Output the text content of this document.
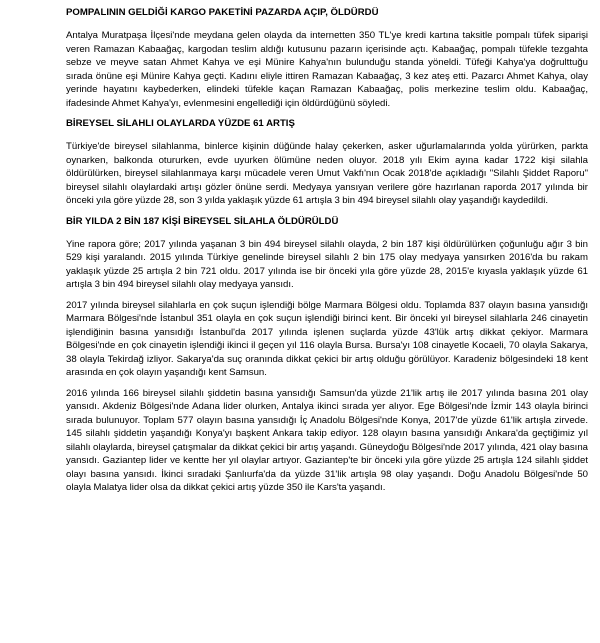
POMPALININ GELDİĞİ KARGO PAKETİNİ PAZARDA AÇIP, ÖLDÜRDÜ
Antalya Muratpaşa İlçesi'nde meydana gelen olayda da internetten 350 TL'ye kredi kartına taksitle pompalı tüfek siparişi veren Ramazan Kabaağaç, kargodan teslim aldığı kutusunu pazarın içerisinde açtı. Kabaağaç, pompalı tüfekle tezgahta sebze ve meyve satan Ahmet Kahya ve eşi Münire Kahya'nın bulunduğu standa yöneldi. Tüfeği Kahya'ya doğrulttuğu sırada önüne eşi Münire Kahya geçti. Kadını eliyle ittiren Ramazan Kabaağaç, 3 kez ateş etti. Pazarcı Ahmet Kahya, olay yerinde hayatını kaybederken, elindeki tüfekle kaçan Ramazan Kabaağaç, polis merkezine teslim oldu. Kabaağaç, ifadesinde Ahmet Kahya'yı, evlenmesini engellediği için öldürdüğünü söyledi.
BİREYSEL SİLAHLI OLAYLARDA YÜZDE 61 ARTIŞ
Türkiye'de bireysel silahlanma, binlerce kişinin düğünde halay çekerken, asker uğurlamalarında yolda yürürken, parkta oynarken, balkonda otururken, evde uyurken ölümüne neden oluyor. 2018 yılı Ekim ayına kadar 1722 kişi silahla öldürülürken, bireysel silahlanmaya karşı mücadele veren Umut Vakfı'nın Ocak 2018'de açıkladığı "Silahlı Şiddet Raporu" bireysel silahlı olaylardaki artışı gözler önüne serdi. Medyaya yansıyan verilere göre hazırlanan raporda 2017 yılında bir önceki yıla göre yüzde 28, son 3 yılda yaklaşık yüzde 61 artışla 3 bin 494 bireysel silahlı olay yaşandığı kaydedildi.
BİR YILDA 2 BİN 187 KİŞİ BİREYSEL SİLAHLA ÖLDÜRÜLDÜ
Yine rapora göre; 2017 yılında yaşanan 3 bin 494 bireysel silahlı olayda, 2 bin 187 kişi öldürülürken çoğunluğu ağır 3 bin 529 kişi yaralandı. 2015 yılında Türkiye genelinde bireysel silahlı 2 bin 175 olay medyaya yansırken 2016'da bu rakam yaklaşık yüzde 25 artışla 2 bin 721 oldu. 2017 yılında ise bir önceki yıla göre yüzde 28, 2015'e kıyasla yaklaşık yüzde 61 artışla 3 bin 494 bireysel silahlı olay medyaya yansıdı.
2017 yılında bireysel silahlarla en çok suçun işlendiği bölge Marmara Bölgesi oldu. Toplamda 837 olayın basına yansıdığı Marmara Bölgesi'nde İstanbul 351 olayla en çok suçun işlendiği birinci kent. Bir önceki yıl bireysel silahlarla 246 cinayetin işlendiğinin basına yansıdığı İstanbul'da 2017 yılında işlenen suçlarda yüzde 43'lük artış dikkat çekiyor. Marmara Bölgesi'nde en çok cinayetin işlendiği ikinci il geçen yıl 116 olayla Bursa. Bursa'yı 108 cinayetle Kocaeli, 70 olayla Sakarya, 38 olayla Tekirdağ izliyor. Sakarya'da suç oranında dikkat çekici bir artış olduğu görülüyor. Karadeniz bölgesindeki 18 kent arasında en çok olayın yaşandığı kent Samsun.
2016 yılında 166 bireysel silahlı şiddetin basına yansıdığı Samsun'da yüzde 21'lik artış ile 2017 yılında basına 201 olay yansıdı. Akdeniz Bölgesi'nde Adana lider olurken, Antalya ikinci sırada yer alıyor. Ege Bölgesi'nde İzmir 143 olayla birinci sırada bulunuyor. Toplam 577 olayın basına yansıdığı İç Anadolu Bölgesi'nde Konya, 2017'de yüzde 61'lik artışla zirvede. 145 silahlı şiddetin yaşandığı Konya'yı başkent Ankara takip ediyor. 128 olayın basına yansıdığı Ankara'da geçtiğimiz yıl silahlı olaylarda, bireysel çatışmalar da dikkat çekici bir artış yaşandı. Güneydoğu Bölgesi'nde 2017 yılında, 421 olay basına yansıdı. Gaziantep lider ve kentte her yıl olaylar artıyor. Gaziantep'te bir önceki yıla göre yüzde 25 artışla 124 silahlı şiddet olayı basına yansıdı. İkinci sıradaki Şanlıurfa'da da yüzde 31'lik artışla 98 olay yaşandı. Doğu Anadolu Bölgesi'nde 50 olayla Malatya lider olsa da dikkat çekici artış yüzde 350 ile Kars'ta yaşandı.
